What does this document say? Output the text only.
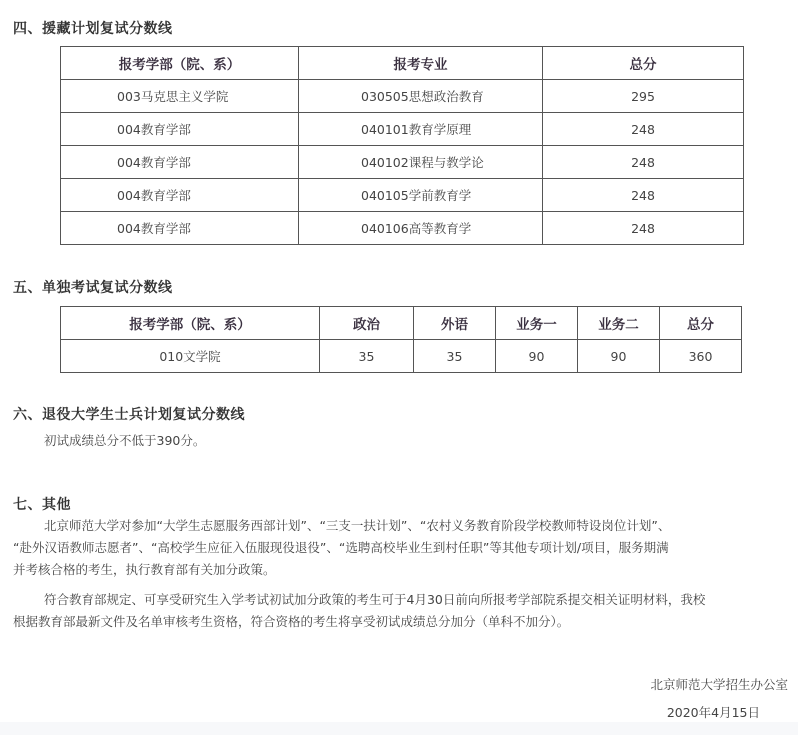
四、援藏计划复试分数线
报考学部（院、系）	报考专业	总分
003马克思主义学院	030505思想政治教育	295
004教育学部	040101教育学原理	248
004教育学部	040102课程与教学论	248
004教育学部	040105学前教育学	248
004教育学部	040106高等教育学	248
五、单独考试复试分数线
报考学部（院、系）	政治	外语	业务一	业务二	总分
010文学院	35	35	90	90	360
六、退役大学生士兵计划复试分数线
初试成绩总分不低于390分。
七、其他
北京师范大学对参加“大学生志愿服务西部计划”、“三支一扶计划”、“农村义务教育阶段学校教师特设岗位计划”、
“赴外汉语教师志愿者”、“高校学生应征入伍服现役退役”、“选聘高校毕业生到村任职”等其他专项计划/项目，服务期满
并考核合格的考生，执行教育部有关加分政策。
符合教育部规定、可享受研究生入学考试初试加分政策的考生可于4月30日前向所报考学部院系提交相关证明材料，我校
根据教育部最新文件及名单审核考生资格，符合资格的考生将享受初试成绩总分加分（单科不加分）。
北京师范大学招生办公室
2020年4月15日
